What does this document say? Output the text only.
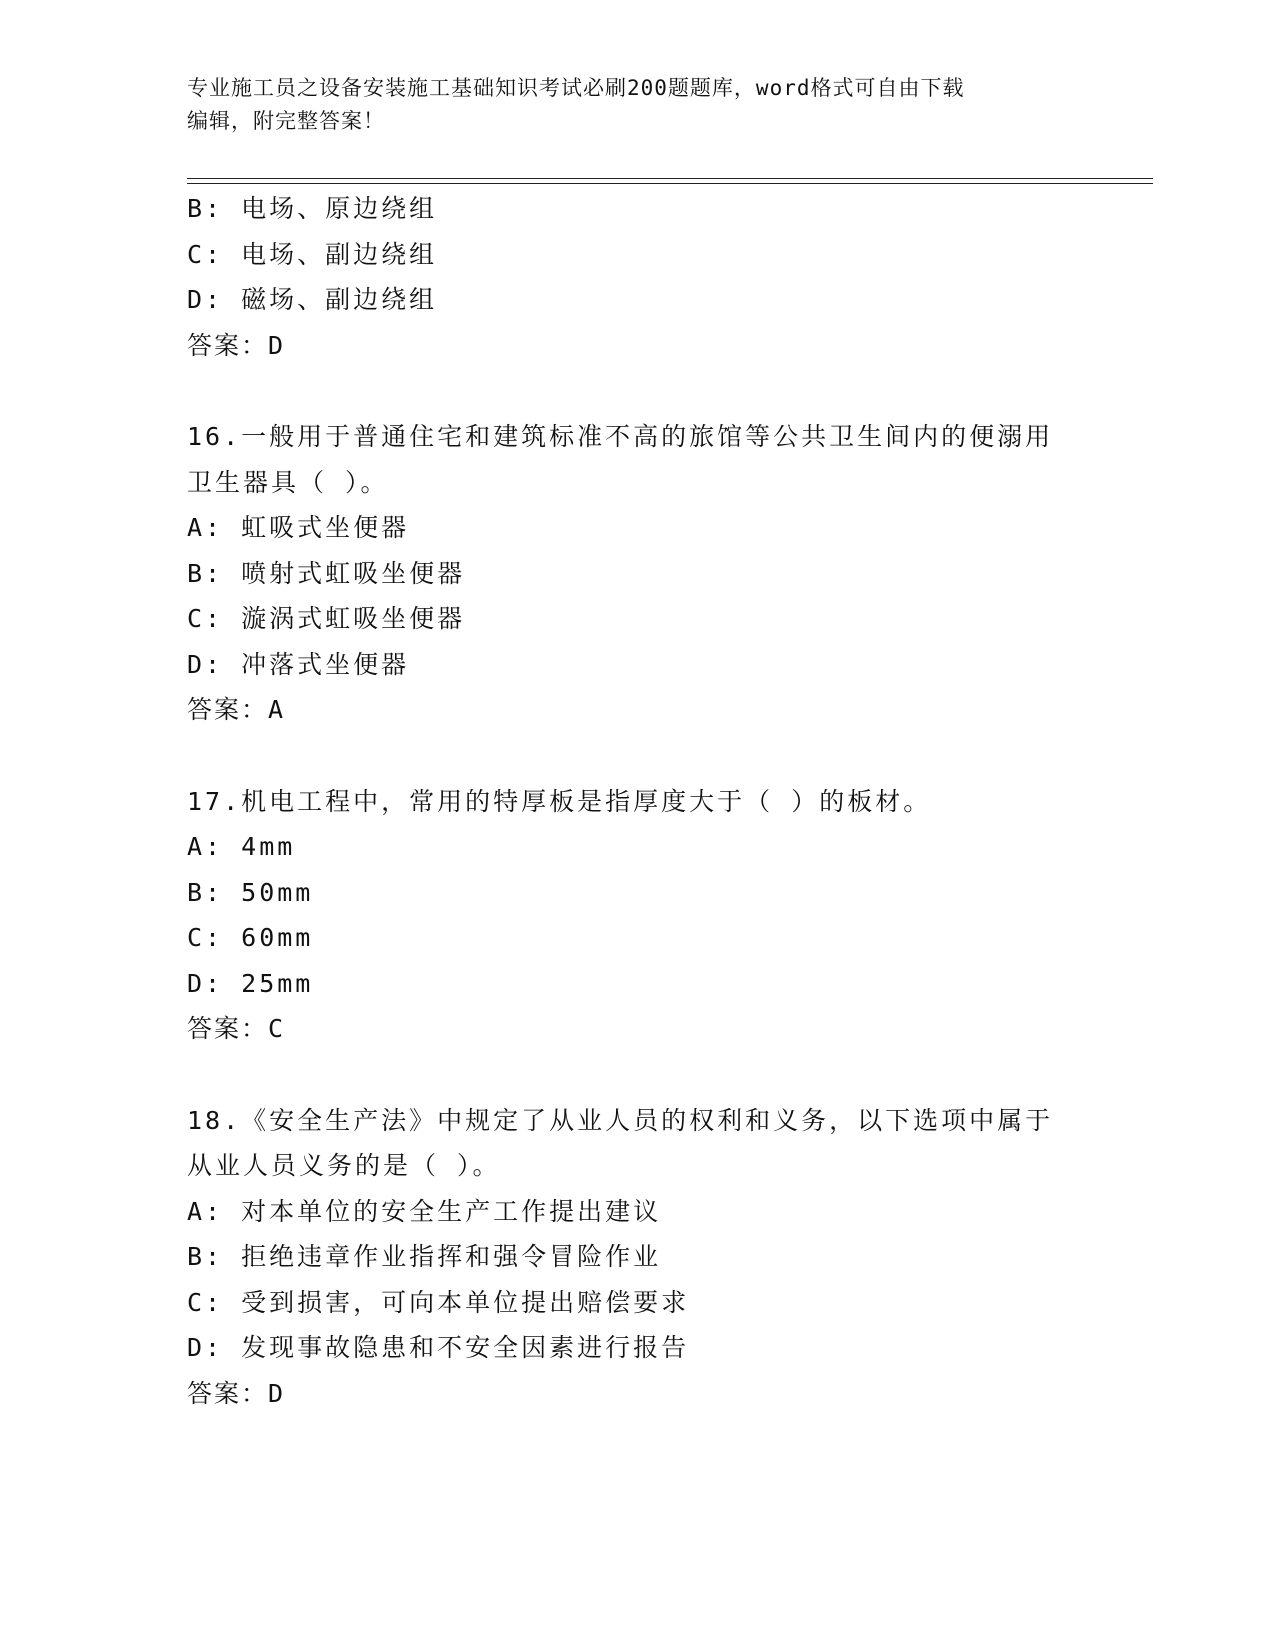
专业施工员之设备安装施工基础知识考试必刷200题题库，word格式可自由下载
编辑，附完整答案！
B: 电场、原边绕组
C: 电场、副边绕组
D: 磁场、副边绕组
答案：D
16.一般用于普通住宅和建筑标准不高的旅馆等公共卫生间内的便溺用
卫生器具（ ）。
A: 虹吸式坐便器
B: 喷射式虹吸坐便器
C: 漩涡式虹吸坐便器
D: 冲落式坐便器
答案：A
17.机电工程中，常用的特厚板是指厚度大于（ ）的板材。
A: 4mm
B: 50mm
C: 60mm
D: 25mm
答案：C
18.《安全生产法》中规定了从业人员的权利和义务，以下选项中属于
从业人员义务的是（ ）。
A: 对本单位的安全生产工作提出建议
B: 拒绝违章作业指挥和强令冒险作业
C: 受到损害，可向本单位提出赔偿要求
D: 发现事故隐患和不安全因素进行报告
答案：D
